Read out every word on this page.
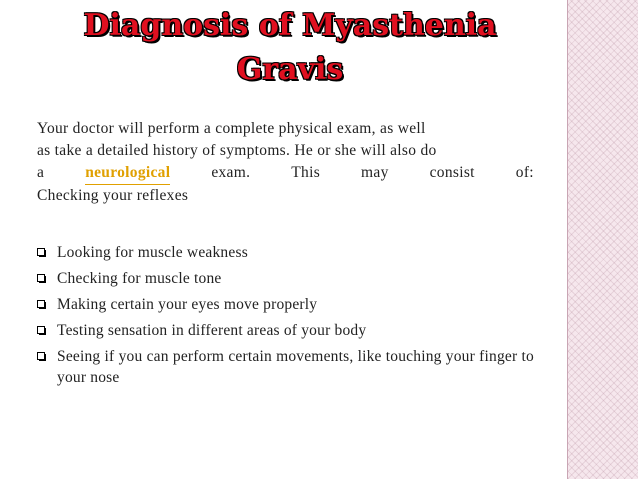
Diagnosis of Myasthenia
Gravis
Your doctor will perform a complete physical exam, as well
as take a detailed history of symptoms. He or she will also do
a	neurological	exam.	This	may	consist	of:
Checking your reflexes
Looking for muscle weakness
Checking for muscle tone
Making certain your eyes move properly
Testing sensation in different areas of your body
Seeing if you can perform certain movements, like touching your finger to your nose
